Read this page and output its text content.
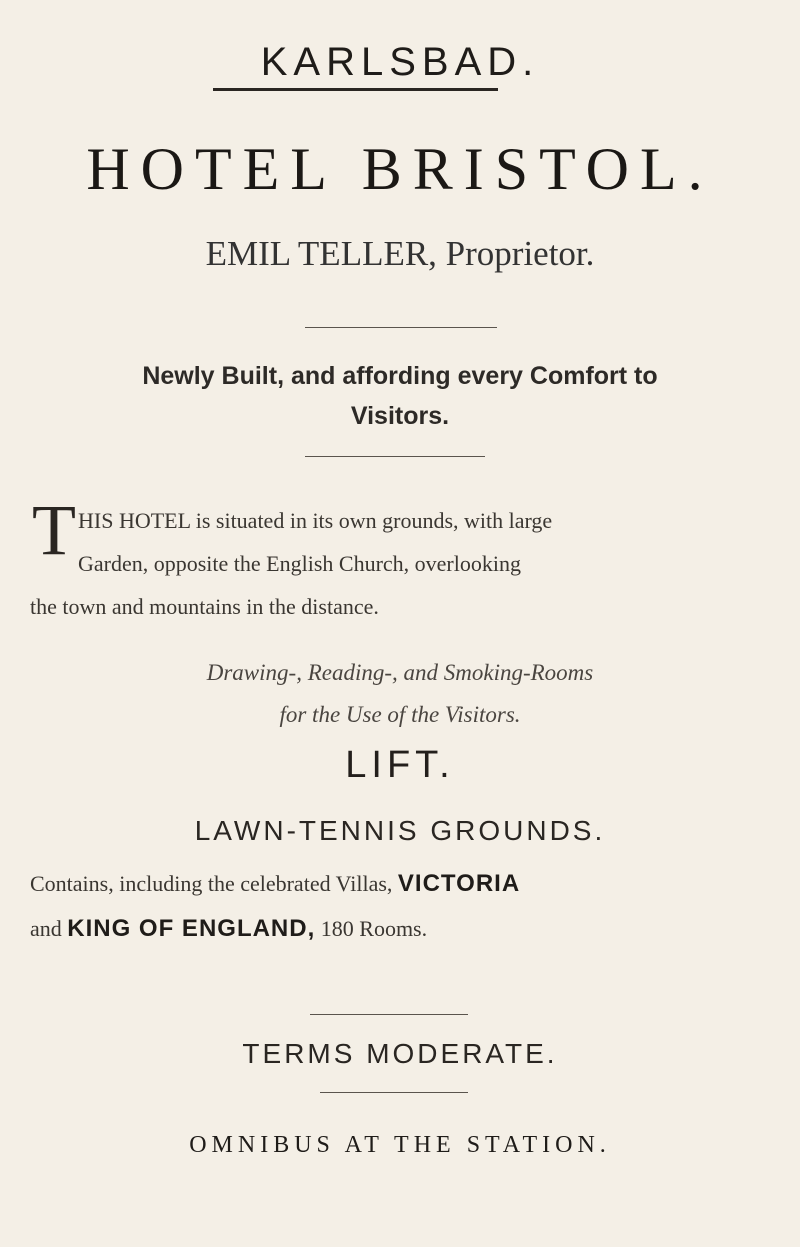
KARLSBAD.
HOTEL BRISTOL.
EMIL TELLER, Proprietor.
Newly Built, and affording every Comfort to
Visitors.
T HIS HOTEL is situated in its own grounds, with large
Garden, opposite the English Church, overlooking
the town and mountains in the distance.
Drawing-, Reading-, and Smoking-Rooms
for the Use of the Visitors.
LIFT.
LAWN-TENNIS GROUNDS.
Contains, including the celebrated Villas, VICTORIA
and KING OF ENGLAND, 180 Rooms.
TERMS MODERATE.
OMNIBUS AT THE STATION.
